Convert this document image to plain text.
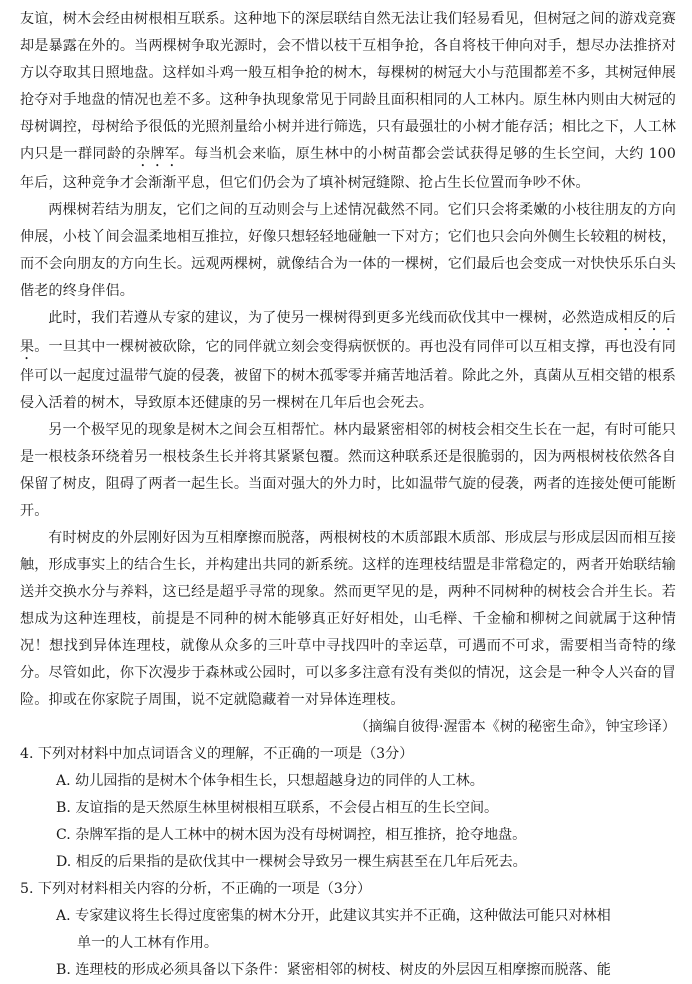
友谊，树木会经由树根相互联系。这种地下的深层联结自然无法让我们轻易看见，但树冠之间的游戏竞赛却是暴露在外的。当两棵树争取光源时，会不惜以枝干互相争抢，各自将枝干伸向对手，想尽办法推挤对方以夺取其日照地盘。这样如斗鸡一般互相争抢的树木，每棵树的树冠大小与范围都差不多，其树冠伸展抢夺对手地盘的情况也差不多。这种争执现象常见于同龄且面积相同的人工林内。原生林内则由大树冠的母树调控，母树给予很低的光照剂量给小树并进行筛选，只有最强壮的小树才能存活；相比之下，人工林内只是一群同龄的杂牌军。每当机会来临，原生林中的小树苗都会尝试获得足够的生长空间，大约 100 年后，这种竞争才会渐渐平息，但它们仍会为了填补树冠缝隙、抢占生长位置而争吵不休。

两棵树若结为朋友，它们之间的互动则会与上述情况截然不同。它们只会将柔嫩的小枝往朋友的方向伸展，小枝丫间会温柔地相互推拉，好像只想轻轻地碰触一下对方；它们也只会向外侧生长较粗的树枝，而不会向朋友的方向生长。远观两棵树，就像结合为一体的一棵树，它们最后也会变成一对快快乐乐白头偕老的终身伴侣。

此时，我们若遵从专家的建议，为了使另一棵树得到更多光线而砍伐其中一棵树，必然造成相反的后果。一旦其中一棵树被砍除，它的同伴就立刻会变得病恹恹的。再也没有同伴可以互相支撑，再也没有同伴可以一起度过温带气旋的侵袭，被留下的树木孤零零并痛苦地活着。除此之外，真菌从互相交错的根系侵入活着的树木，导致原本还健康的另一棵树在几年后也会死去。

另一个极罕见的现象是树木之间会互相帮忙。林内最紧密相邻的树枝会相交生长在一起，有时可能只是一根枝条环绕着另一根枝条生长并将其紧紧包覆。然而这种联系还是很脆弱的，因为两根树枝依然各自保留了树皮，阻碍了两者一起生长。当面对强大的外力时，比如温带气旋的侵袭，两者的连接处便可能断开。

有时树皮的外层刚好因为互相摩擦而脱落，两根树枝的木质部跟木质部、形成层与形成层因而相互接触，形成事实上的结合生长，并构建出共同的新系统。这样的连理枝结盟是非常稳定的，两者开始联结输送并交换水分与养料，这已经是超乎寻常的现象。然而更罕见的是，两种不同树种的树枝会合并生长。若想成为这种连理枝，前提是不同种的树木能够真正好好相处，山毛榉、千金榆和柳树之间就属于这种情况！想找到异体连理枝，就像从众多的三叶草中寻找四叶的幸运草，可遇而不可求，需要相当奇特的缘分。尽管如此，你下次漫步于森林或公园时，可以多多注意有没有类似的情况，这会是一种令人兴奋的冒险。抑或在你家院子周围，说不定就隐藏着一对异体连理枝。

（摘编自彼得·渥雷本《树的秘密生命》，钟宝珍译）

4. 下列对材料中加点词语含义的理解，不正确的一项是（3分）

A. 幼儿园指的是树木个体争相生长，只想超越身边的同伴的人工林。

B. 友谊指的是天然原生林里树根相互联系，不会侵占相互的生长空间。

C. 杂牌军指的是人工林中的树木因为没有母树调控，相互推挤，抢夺地盘。

D. 相反的后果指的是砍伐其中一棵树会导致另一棵生病甚至在几年后死去。

5. 下列对材料相关内容的分析，不正确的一项是（3分）

A. 专家建议将生长得过度密集的树木分开，此建议其实并不正确，这种做法可能只对林相
单一的人工林有作用。

B. 连理枝的形成必须具备以下条件：紧密相邻的树枝、树皮的外层因互相摩擦而脱落、能
